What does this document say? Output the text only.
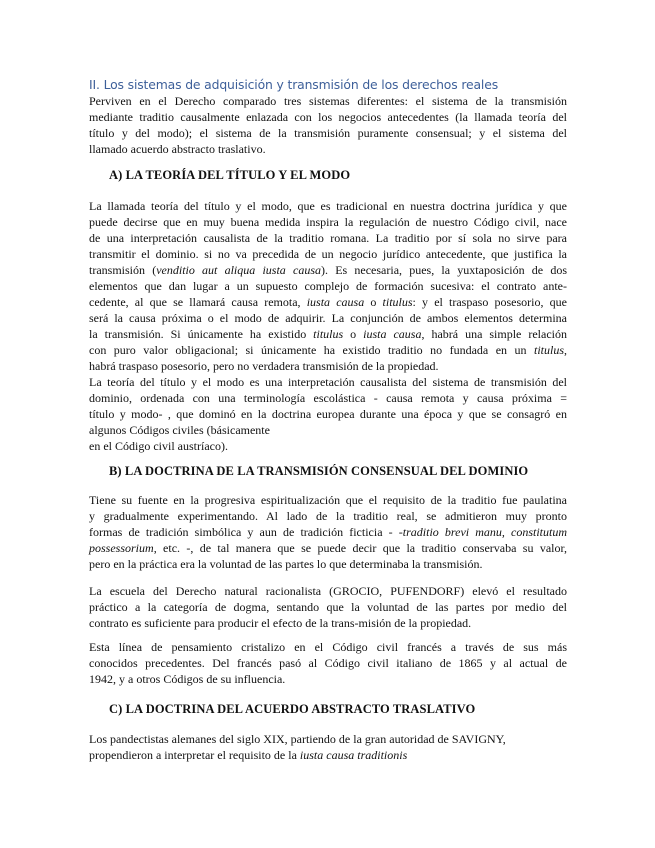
II. Los sistemas de adquisición y transmisión de los derechos reales
Perviven en el Derecho comparado tres sistemas diferentes: el sistema de la transmisión
mediante traditio causalmente enlazada con los negocios antecedentes (la llamada teoría del
título y del modo); el sistema de la transmisión puramente consensual; y el sistema del
llamado acuerdo abstracto traslativo.
A) LA TEORÍA DEL TÍTULO Y EL MODO
La llamada teoría del título y el modo, que es tradicional en nuestra doctrina jurídica y que
puede decirse que en muy buena medida inspira la regulación de nuestro Código civil, nace
de una interpretación causalista de la traditio romana. La traditio por sí sola no sirve para
transmitir el dominio. si no va precedida de un negocio jurídico antecedente, que justifica la
transmisión (venditio aut aliqua iusta causa). Es necesaria, pues, la yuxtaposición de dos
elementos que dan lugar a un supuesto complejo de formación sucesiva: el contrato ante-
cedente, al que se llamará causa remota, iusta causa o titulus: y el traspaso posesorio, que
será la causa próxima o el modo de adquirir. La conjunción de ambos elementos determina
la transmisión. Si únicamente ha existido titulus o iusta causa, habrá una simple relación
con puro valor obligacional; si únicamente ha existido traditio no fundada en un titulus,
habrá traspaso posesorio, pero no verdadera transmisión de la propiedad.
La teoría del título y el modo es una interpretación causalista del sistema de transmisión del
dominio, ordenada con una terminología escolástica - causa remota y causa próxima =
título y modo- , que dominó en la doctrina europea durante una época y que se consagró en
algunos Códigos civiles (básicamente
en el Código civil austríaco).
B) LA DOCTRINA DE LA TRANSMISIÓN CONSENSUAL DEL DOMINIO
Tiene su fuente en la progresiva espiritualización que el requisito de la traditio fue paulatina
y gradualmente experimentando. Al lado de la traditio real, se admitieron muy pronto
formas de tradición simbólica y aun de tradición ficticia - -traditio brevi manu, constitutum
possessorium, etc. -, de tal manera que se puede decir que la traditio conservaba su valor,
pero en la práctica era la voluntad de las partes lo que determinaba la transmisión.
La escuela del Derecho natural racionalista (GROCIO, PUFENDORF) elevó el resultado
práctico a la categoría de dogma, sentando que la voluntad de las partes por medio del
contrato es suficiente para producir el efecto de la trans-misión de la propiedad.
Esta línea de pensamiento cristalizo en el Código civil francés a través de sus más
conocidos precedentes. Del francés pasó al Código civil italiano de 1865 y al actual de
1942, y a otros Códigos de su influencia.
C) LA DOCTRINA DEL ACUERDO ABSTRACTO TRASLATIVO
Los pandectistas alemanes del siglo XIX, partiendo de la gran autoridad de SAVIGNY,
propendieron a interpretar el requisito de la iusta causa traditionis
